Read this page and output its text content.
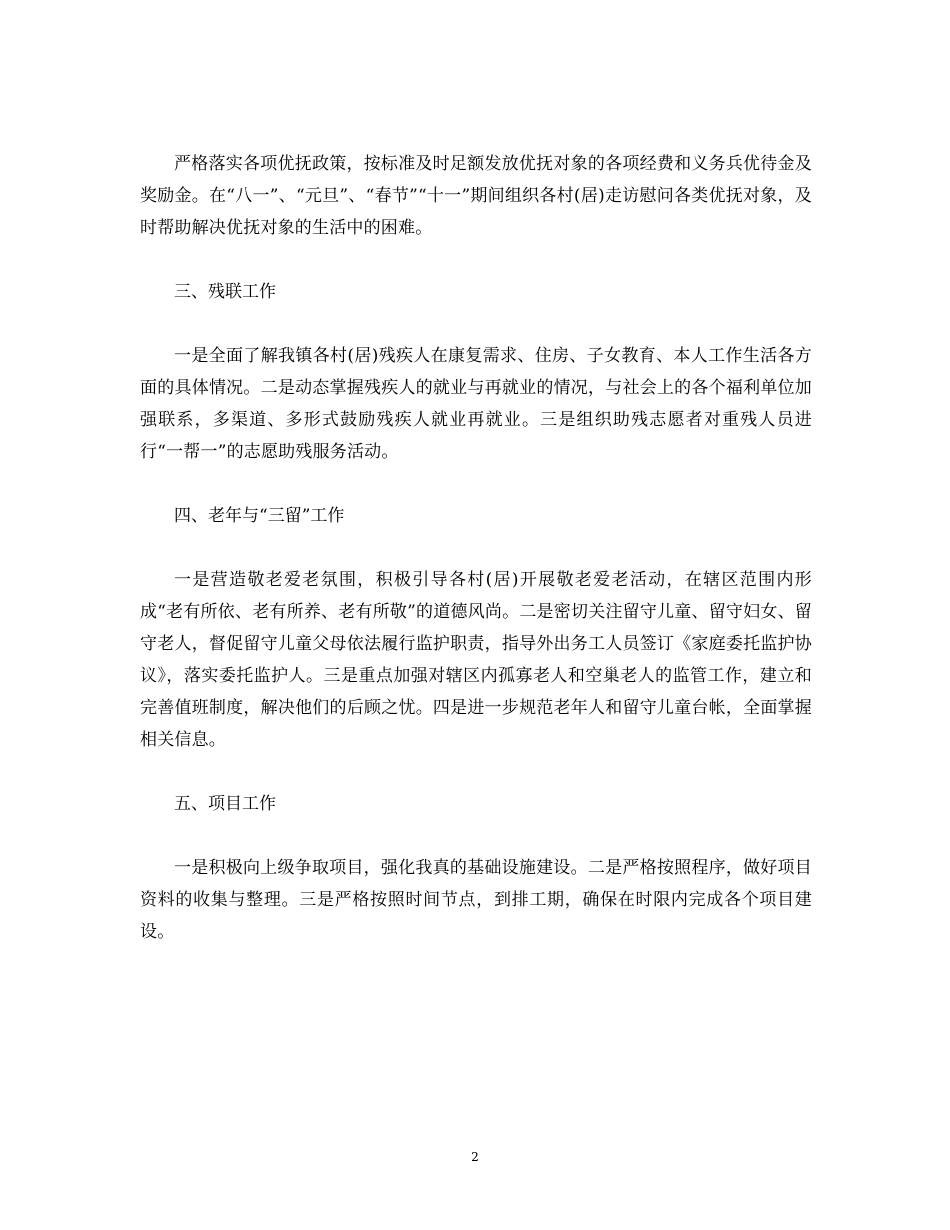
严格落实各项优抚政策，按标准及时足额发放优抚对象的各项经费和义务兵优待金及奖励金。在“八一”、“元旦”、“春节”“十一”期间组织各村(居)走访慰问各类优抚对象，及时帮助解决优抚对象的生活中的困难。

三、残联工作

一是全面了解我镇各村(居)残疾人在康复需求、住房、子女教育、本人工作生活各方面的具体情况。二是动态掌握残疾人的就业与再就业的情况，与社会上的各个福利单位加强联系，多渠道、多形式鼓励残疾人就业再就业。三是组织助残志愿者对重残人员进行“一帮一”的志愿助残服务活动。

四、老年与“三留”工作

一是营造敬老爱老氛围，积极引导各村(居)开展敬老爱老活动，在辖区范围内形成“老有所依、老有所养、老有所敬”的道德风尚。二是密切关注留守儿童、留守妇女、留守老人，督促留守儿童父母依法履行监护职责，指导外出务工人员签订《家庭委托监护协议》，落实委托监护人。三是重点加强对辖区内孤寡老人和空巢老人的监管工作，建立和完善值班制度，解决他们的后顾之忧。四是进一步规范老年人和留守儿童台帐，全面掌握相关信息。

五、项目工作

一是积极向上级争取项目，强化我真的基础设施建设。二是严格按照程序，做好项目资料的收集与整理。三是严格按照时间节点，到排工期，确保在时限内完成各个项目建设。

2
